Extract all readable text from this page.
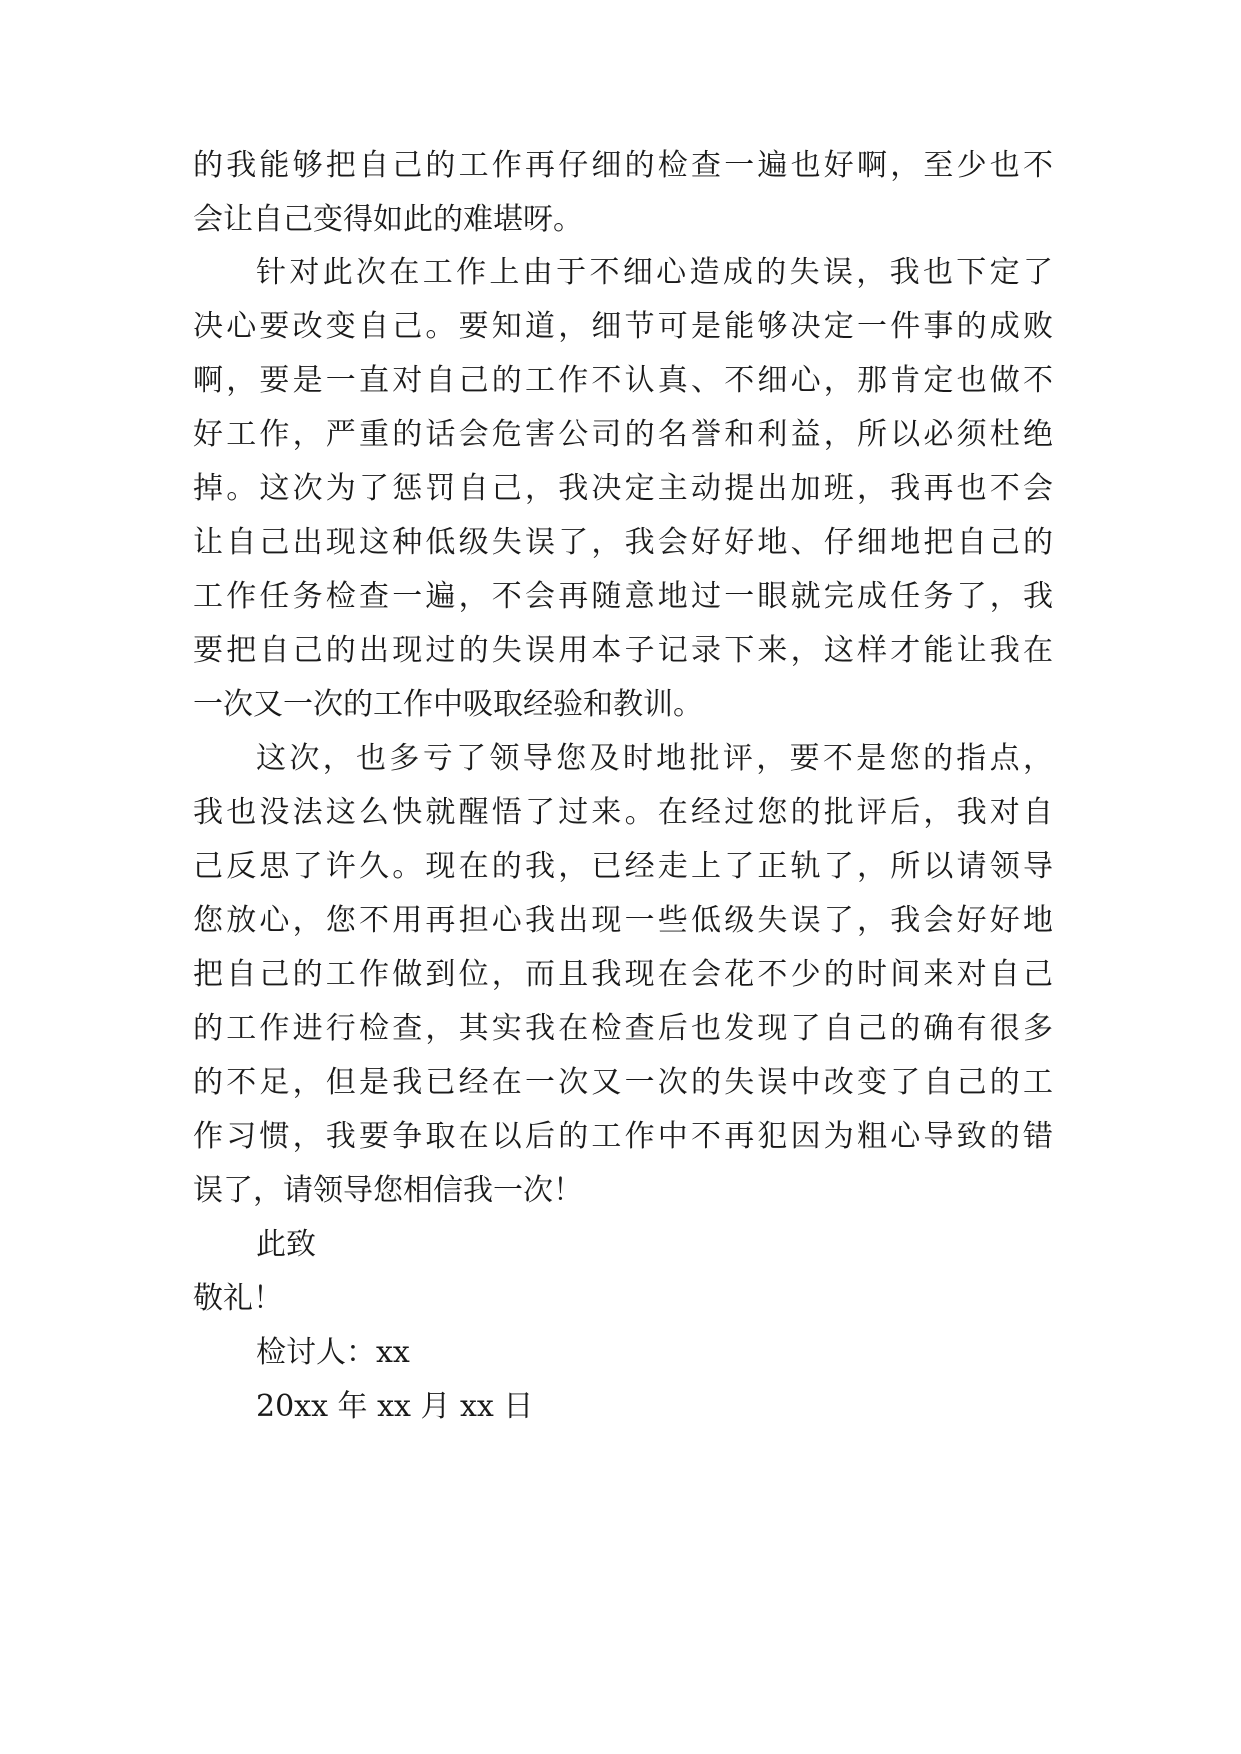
的我能够把自己的工作再仔细的检查一遍也好啊，至少也不
会让自己变得如此的难堪呀。
针对此次在工作上由于不细心造成的失误，我也下定了
决心要改变自己。要知道，细节可是能够决定一件事的成败
啊，要是一直对自己的工作不认真、不细心，那肯定也做不
好工作，严重的话会危害公司的名誉和利益，所以必须杜绝
掉。这次为了惩罚自己，我决定主动提出加班，我再也不会
让自己出现这种低级失误了，我会好好地、仔细地把自己的
工作任务检查一遍，不会再随意地过一眼就完成任务了，我
要把自己的出现过的失误用本子记录下来，这样才能让我在
一次又一次的工作中吸取经验和教训。
这次，也多亏了领导您及时地批评，要不是您的指点，
我也没法这么快就醒悟了过来。在经过您的批评后，我对自
己反思了许久。现在的我，已经走上了正轨了，所以请领导
您放心，您不用再担心我出现一些低级失误了，我会好好地
把自己的工作做到位，而且我现在会花不少的时间来对自己
的工作进行检查，其实我在检查后也发现了自己的确有很多
的不足，但是我已经在一次又一次的失误中改变了自己的工
作习惯，我要争取在以后的工作中不再犯因为粗心导致的错
误了，请领导您相信我一次！
此致
敬礼！
检讨人：xx
20xx 年 xx 月 xx 日
